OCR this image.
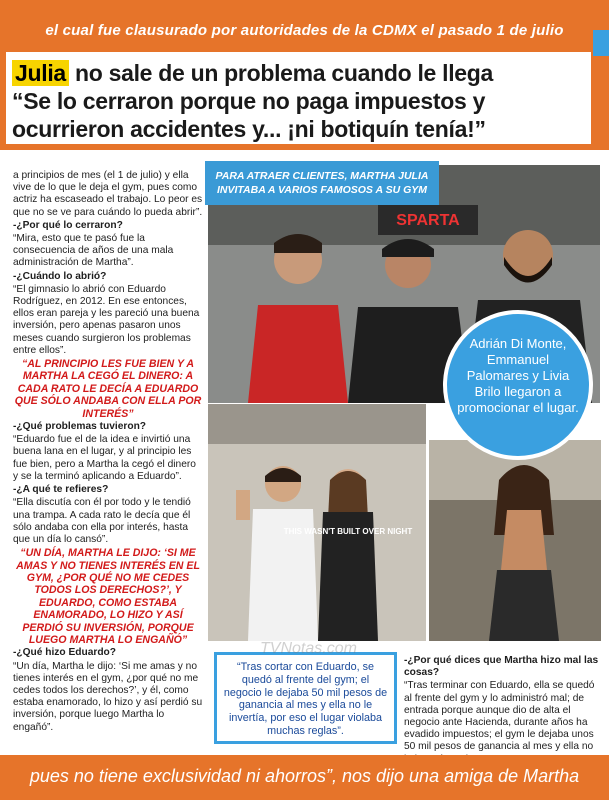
el cual fue clausurado por autoridades de la CDMX el pasado 1 de julio
Julia no sale de un problema cuando le llega
“Se lo cerraron porque no paga impuestos y
ocurrieron accidentes y... ¡ni botiquín tenía!”

a principios de mes (el 1 de julio) y ella vive de lo que le deja el gym, pues como actriz ha escaseado el trabajo. Lo peor es que no se ve para cuándo lo pueda abrir”.

-¿Por qué lo cerraron?

“Mira, esto que te pasó fue la consecuencia de años de una mala administración de Martha”.

-¿Cuándo lo abrió?

“El gimnasio lo abrió con Eduardo Rodríguez, en 2012. En ese entonces, ellos eran pareja y les pareció una buena inversión, pero apenas pasaron unos meses cuando surgieron los problemas entre ellos”.

“AL PRINCIPIO LES FUE BIEN Y A MARTHA LA CEGÓ EL DINERO: A CADA RATO LE DECÍA A EDUARDO QUE SÓLO ANDABA CON ELLA POR INTERÉS”

-¿Qué problemas tuvieron?

“Eduardo fue el de la idea e invirtió una buena lana en el lugar, y al principio les fue bien, pero a Martha la cegó el dinero y se la terminó aplicando a Eduardo”.

-¿A qué te refieres?

“Ella discutía con él por todo y le tendió una trampa. A cada rato le decía que él sólo andaba con ella por interés, hasta que un día lo cansó”.

“UN DÍA, MARTHA LE DIJO: ‘SI ME AMAS Y NO TIENES INTERÉS EN EL GYM, ¿POR QUÉ NO ME CEDES TODOS LOS DERECHOS?’, Y EDUARDO, COMO ESTABA ENAMORADO, LO HIZO Y ASÍ PERDIÓ SU INVERSIÓN, PORQUE LUEGO MARTHA LO ENGAÑÓ”

-¿Qué hizo Eduardo?

“Un día, Martha le dijo: ‘Si me amas y no tienes interés en el gym, ¿por qué no me cedes todos los derechos?’, y él, como estaba enamorado, lo hizo y así perdió su inversión, porque luego Martha lo engañó”.

SPARTA
PARA ATRAER CLIENTES, MARTHA JULIA INVITABA A VARIOS FAMOSOS A SU GYM
THIS WASN'T BUILT OVER NIGHT
Adrián Di Monte, Emmanuel Palomares y Livia Brilo llegaron a promocionar el lugar.
“Tras cortar con Eduardo, se quedó al frente del gym; el negocio le dejaba 50 mil pesos de ganancia al mes y ella no le invertía, por eso el lugar violaba muchas reglas”.

-¿Por qué dices que Martha hizo mal las cosas?

“Tras terminar con Eduardo, ella se quedó al frente del gym y lo administró mal; de entrada porque aunque dio de alta el negocio ante Hacienda, durante años ha evadido impuestos; el gym le dejaba unos 50 mil pesos de ganancia al mes y ella no

TVNotas.com
pues no tiene exclusividad ni ahorros”, nos dijo una amiga de Martha
